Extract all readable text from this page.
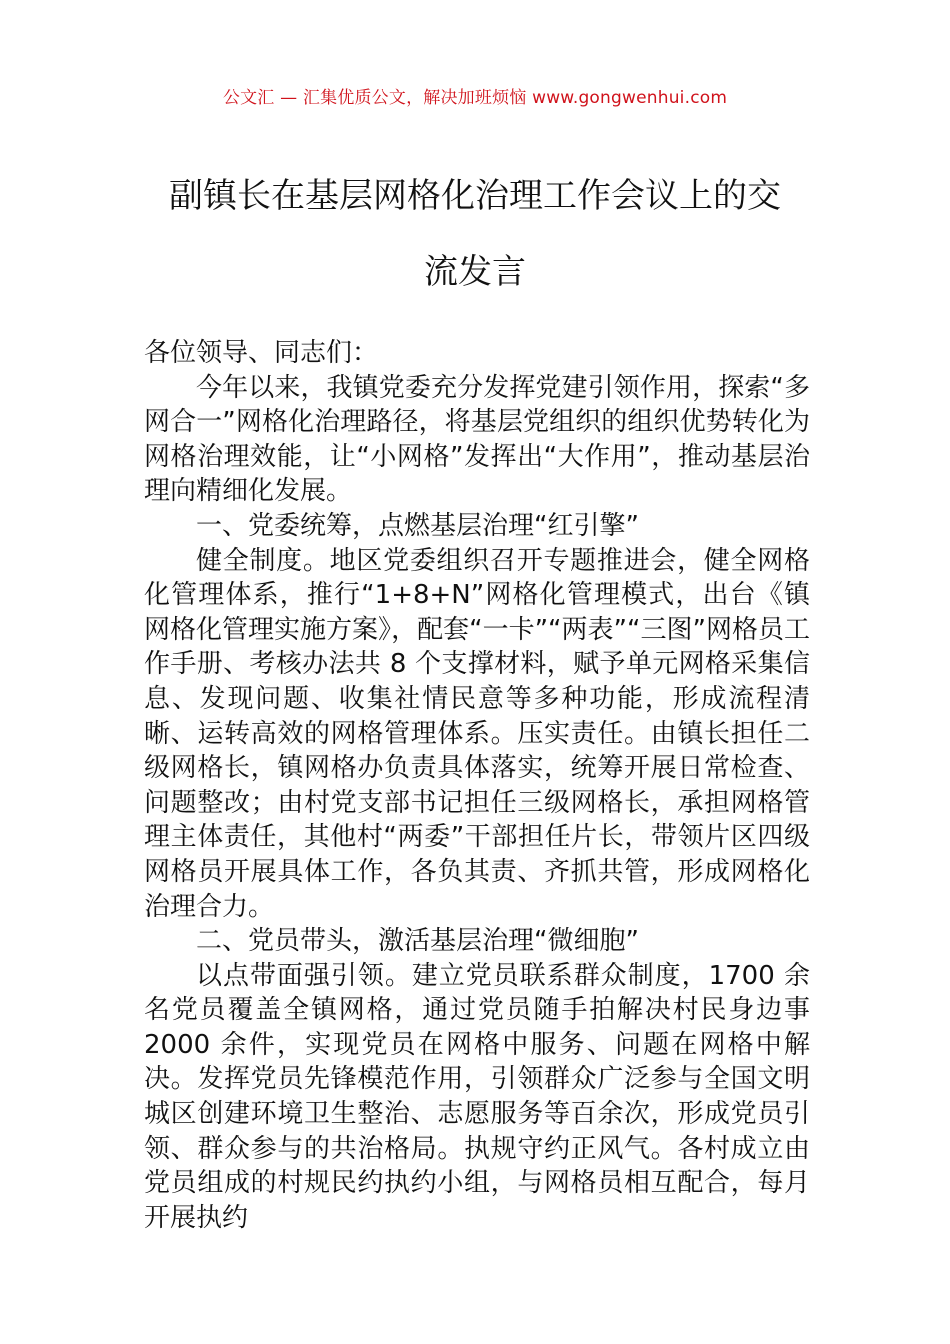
公文汇 — 汇集优质公文，解决加班烦恼 www.gongwenhui.com
副镇长在基层网格化治理工作会议上的交
流发言

各位领导、同志们：

今年以来，我镇党委充分发挥党建引领作用，探索“多网合一”网格化治理路径，将基层党组织的组织优势转化为网格治理效能，让“小网格”发挥出“大作用”，推动基层治理向精细化发展。

一、党委统筹，点燃基层治理“红引擎”

健全制度。地区党委组织召开专题推进会，健全网格化管理体系，推行“1+8+N”网格化管理模式，出台《镇网格化管理实施方案》，配套“一卡”“两表”“三图”网格员工作手册、考核办法共 8 个支撑材料，赋予单元网格采集信息、发现问题、收集社情民意等多种功能，形成流程清晰、运转高效的网格管理体系。压实责任。由镇长担任二级网格长，镇网格办负责具体落实，统筹开展日常检查、问题整改；由村党支部书记担任三级网格长，承担网格管理主体责任，其他村“两委”干部担任片长，带领片区四级网格员开展具体工作，各负其责、齐抓共管，形成网格化治理合力。

二、党员带头，激活基层治理“微细胞”

以点带面强引领。建立党员联系群众制度，1700 余名党员覆盖全镇网格，通过党员随手拍解决村民身边事 2000 余件，实现党员在网格中服务、问题在网格中解决。发挥党员先锋模范作用，引领群众广泛参与全国文明城区创建环境卫生整治、志愿服务等百余次，形成党员引领、群众参与的共治格局。执规守约正风气。各村成立由党员组成的村规民约执约小组，与网格员相互配合，每月开展执约
